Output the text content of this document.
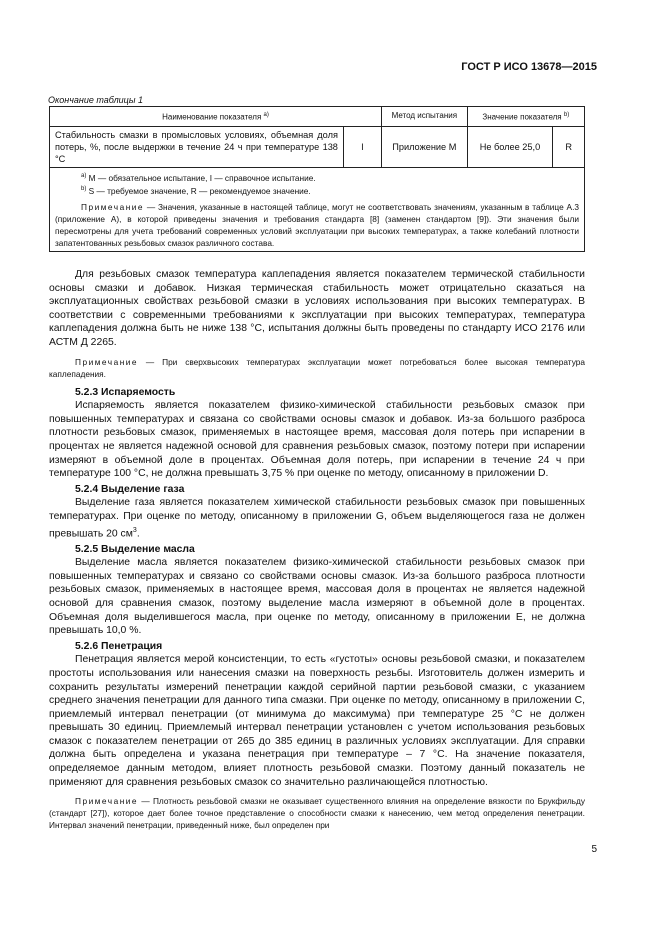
ГОСТ Р ИСО 13678—2015
Окончание таблицы 1
Наименование показателя $^{a)}$		Метод испытания	Значение показателя $^{b)}$
Стабильность смазки в промысловых условиях, объемная доля потерь, %, после выдержки в течение 24 ч при температуре 138 °С	I	Приложение M	Не более 25,0	R

$^{a)}$ М — обязательное испытание, I — справочное испытание.
$^{b)}$ S — требуемое значение, R — рекомендуемое значение.
Примечание — Значения, указанные в настоящей таблице, могут не соответствовать значениям, указанным в таблице А.3 (приложение А), в которой приведены значения и требования стандарта [8] (заменен стандартом [9]). Эти значения были пересмотрены для учета требований современных условий эксплуатации при высоких температурах, а также колебаний плотности запатентованных резьбовых смазок различного состава.				

Для резьбовых смазок температура каплепадения является показателем термической стабильности основы смазки и добавок. Низкая термическая стабильность может отрицательно сказаться на эксплуатационных свойствах резьбовой смазки в условиях использования при высоких температурах. В соответствии с современными требованиями к эксплуатации при высоких температурах, температура каплепадения должна быть не ниже 138 °С, испытания должны быть проведены по стандарту ИСО 2176 или АСТМ Д 2265.

Примечание — При сверхвысоких температурах эксплуатации может потребоваться более высокая температура каплепадения.

5.2.3 Испаряемость

Испаряемость является показателем физико-химической стабильности резьбовых смазок при повышенных температурах и связана со свойствами основы смазок и добавок. Из-за большого разброса плотности резьбовых смазок, применяемых в настоящее время, массовая доля потерь при испарении в процентах не является надежной основой для сравнения резьбовых смазок, поэтому потери при испарении измеряют в объемной доле в процентах. Объемная доля потерь, при испарении в течение 24 ч при температуре 100 °С, не должна превышать 3,75 % при оценке по методу, описанному в приложении D.

5.2.4 Выделение газа

Выделение газа является показателем химической стабильности резьбовых смазок при повышенных температурах. При оценке по методу, описанному в приложении G, объем выделяющегося газа не должен превышать 20 $см^3$.

5.2.5 Выделение масла

Выделение масла является показателем физико-химической стабильности резьбовых смазок при повышенных температурах и связано со свойствами основы смазок. Из-за большого разброса плотности резьбовых смазок, применяемых в настоящее время, массовая доля в процентах не является надежной основой для сравнения смазок, поэтому выделение масла измеряют в объемной доле в процентах. Объемная доля выделившегося масла, при оценке по методу, описанному в приложении Е, не должна превышать 10,0 %.

5.2.6 Пенетрация

Пенетрация является мерой консистенции, то есть «густоты» основы резьбовой смазки, и показателем простоты использования или нанесения смазки на поверхность резьбы. Изготовитель должен измерить и сохранить результаты измерений пенетрации каждой серийной партии резьбовой смазки, с указанием среднего значения пенетрации для данного типа смазки. При оценке по методу, описанному в приложении С, приемлемый интервал пенетрации (от минимума до максимума) при температуре 25 °С не должен превышать 30 единиц. Приемлемый интервал пенетрации установлен с учетом использования резьбовых смазок с показателем пенетрации от 265 до 385 единиц в различных условиях эксплуатации. Для справки должна быть определена и указана пенетрация при температуре – 7 °С. На значение показателя, определяемое данным методом, влияет плотность резьбовой смазки. Поэтому данный показатель не применяют для сравнения резьбовых смазок со значительно различающейся плотностью.

Примечание — Плотность резьбовой смазки не оказывает существенного влияния на определение вязкости по Брукфильду (стандарт [27]), которое дает более точное представление о способности смазки к нанесению, чем метод определения пенетрации. Интервал значений пенетрации, приведенный ниже, был определен при

5
